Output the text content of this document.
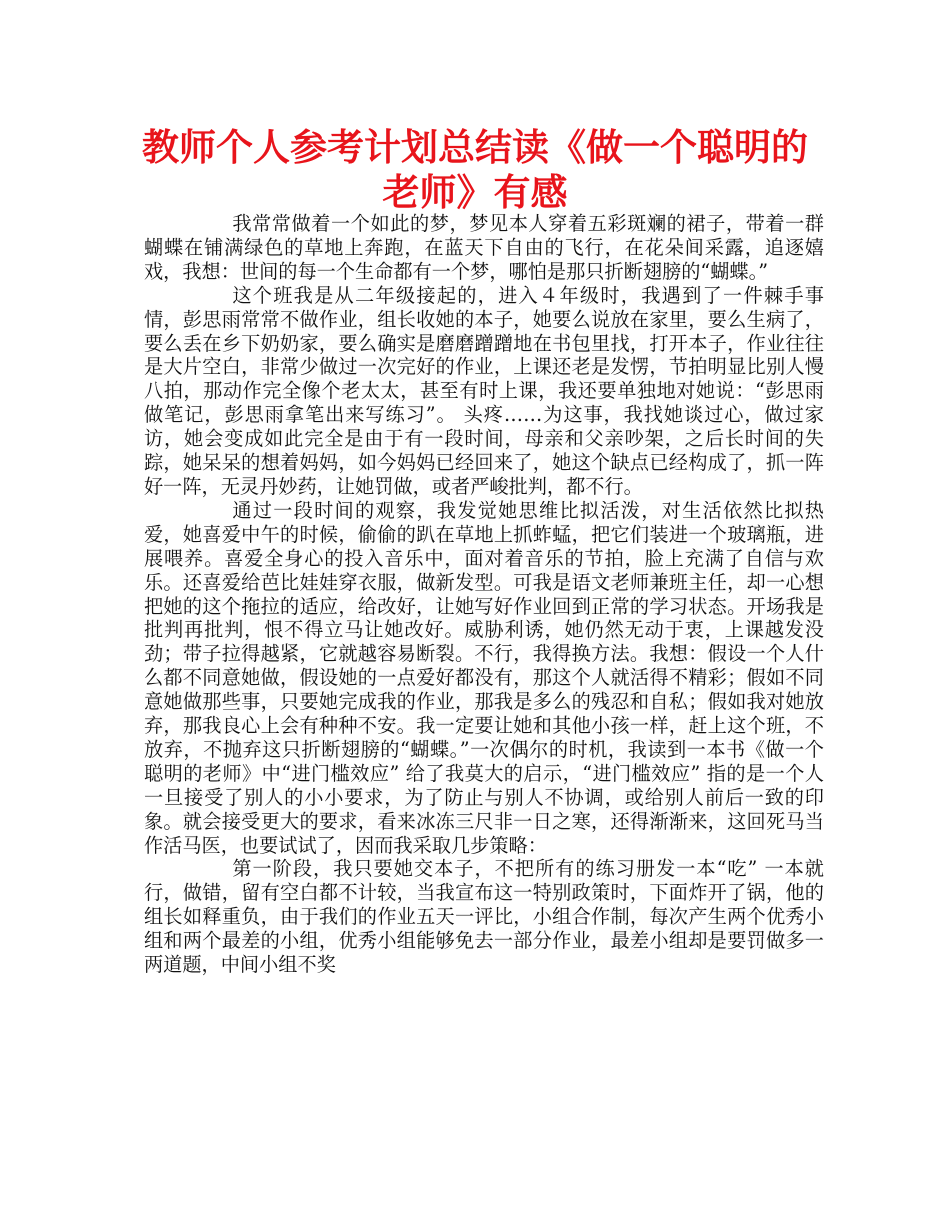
教师个人参考计划总结读《做一个聪明的
老师》有感

我常常做着一个如此的梦，梦见本人穿着五彩斑斓的裙子，带着一群蝴蝶在铺满绿色的草地上奔跑，在蓝天下自由的飞行，在花朵间采露，追逐嬉戏，我想：世间的每一个生命都有一个梦，哪怕是那只折断翅膀的“蝴蝶。”

这个班我是从二年级接起的，进入４年级时，我遇到了一件棘手事情，彭思雨常常不做作业，组长收她的本子，她要么说放在家里，要么生病了，要么丢在乡下奶奶家，要么确实是磨磨蹭蹭地在书包里找，打开本子，作业往往是大片空白，非常少做过一次完好的作业，上课还老是发愣，节拍明显比别人慢八拍，那动作完全像个老太太，甚至有时上课，我还要单独地对她说：“彭思雨做笔记，彭思雨拿笔出来写练习”。 头疼……为这事，我找她谈过心，做过家访，她会变成如此完全是由于有一段时间，母亲和父亲吵架，之后长时间的失踪，她呆呆的想着妈妈，如今妈妈已经回来了，她这个缺点已经构成了，抓一阵好一阵，无灵丹妙药，让她罚做，或者严峻批判，都不行。

通过一段时间的观察，我发觉她思维比拟活泼，对生活依然比拟热爱，她喜爱中午的时候，偷偷的趴在草地上抓蚱蜢，把它们装进一个玻璃瓶，进展喂养。喜爱全身心的投入音乐中，面对着音乐的节拍，脸上充满了自信与欢乐。还喜爱给芭比娃娃穿衣服，做新发型。可我是语文老师兼班主任，却一心想把她的这个拖拉的适应，给改好，让她写好作业回到正常的学习状态。开场我是批判再批判，恨不得立马让她改好。威胁利诱，她仍然无动于衷，上课越发没劲；带子拉得越紧，它就越容易断裂。不行，我得换方法。我想：假设一个人什么都不同意她做，假设她的一点爱好都没有，那这个人就活得不精彩；假如不同意她做那些事，只要她完成我的作业，那我是多么的残忍和自私；假如我对她放弃，那我良心上会有种种不安。我一定要让她和其他小孩一样，赶上这个班，不放弃，不抛弃这只折断翅膀的“蝴蝶。”一次偶尔的时机，我读到一本书《做一个聪明的老师》中“进门槛效应” 给了我莫大的启示，“进门槛效应” 指的是一个人一旦接受了别人的小小要求，为了防止与别人不协调，或给别人前后一致的印象。就会接受更大的要求，看来冰冻三尺非一日之寒，还得渐渐来，这回死马当作活马医，也要试试了，因而我采取几步策略：

第一阶段，我只要她交本子，不把所有的练习册发一本“吃” 一本就行，做错，留有空白都不计较，当我宣布这一特别政策时，下面炸开了锅，他的组长如释重负，由于我们的作业五天一评比，小组合作制，每次产生两个优秀小组和两个最差的小组，优秀小组能够免去一部分作业，最差小组却是要罚做多一两道题，中间小组不奖
